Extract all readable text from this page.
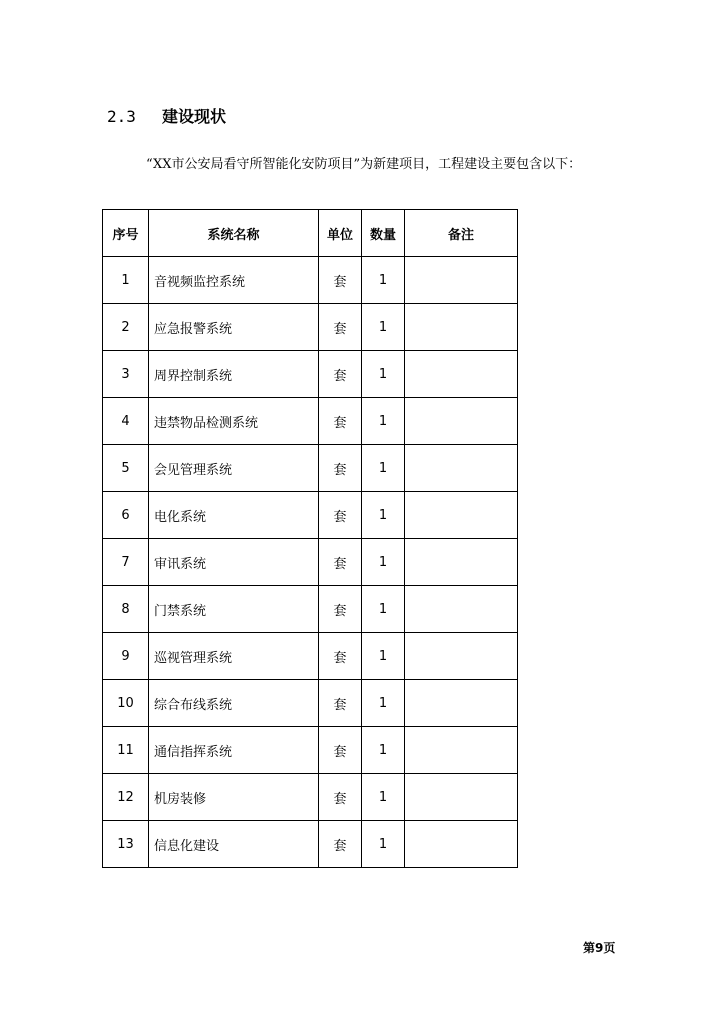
2.3 建设现状
“XX市公安局看守所智能化安防项目”为新建项目，工程建设主要包含以下：
序号	系统名称	单位	数量	备注
1	音视频监控系统	套	1	
2	应急报警系统	套	1	
3	周界控制系统	套	1	
4	违禁物品检测系统	套	1	
5	会见管理系统	套	1	
6	电化系统	套	1	
7	审讯系统	套	1	
8	门禁系统	套	1	
9	巡视管理系统	套	1	
10	综合布线系统	套	1	
11	通信指挥系统	套	1	
12	机房装修	套	1	
13	信息化建设	套	1	
第9页
